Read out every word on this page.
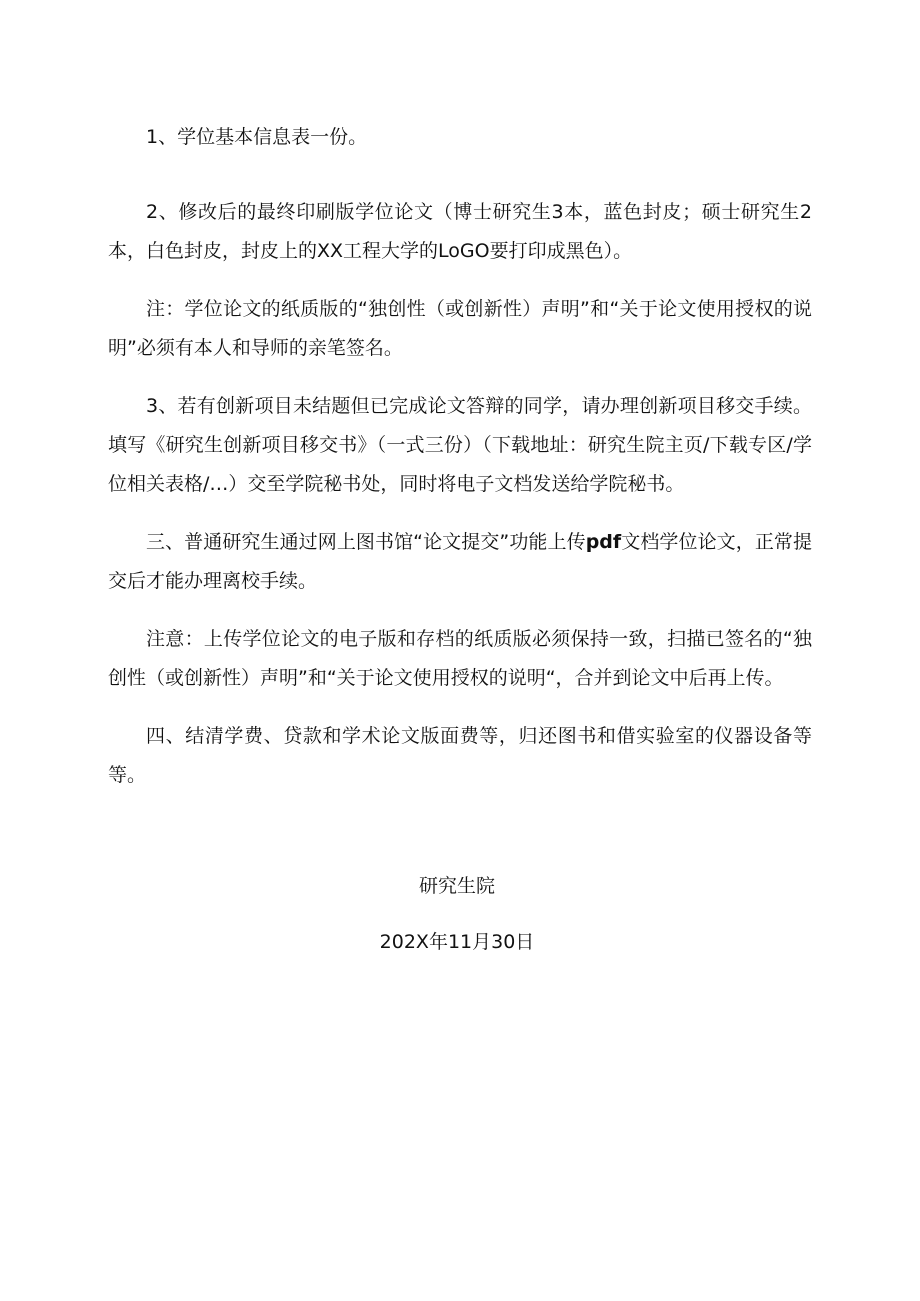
1、学位基本信息表一份。

2、修改后的最终印刷版学位论文（博士研究生3本，蓝色封皮；硕士研究生2本，白色封皮，封皮上的XX工程大学的LoGO要打印成黑色）。

注：学位论文的纸质版的“独创性（或创新性）声明”和“关于论文使用授权的说明”必须有本人和导师的亲笔签名。

3、若有创新项目未结题但已完成论文答辩的同学，请办理创新项目移交手续。填写《研究生创新项目移交书》（一式三份）（下载地址：研究生院主页/下载专区/学位相关表格/…）交至学院秘书处，同时将电子文档发送给学院秘书。

三、普通研究生通过网上图书馆“论文提交”功能上传pdf文档学位论文，正常提交后才能办理离校手续。

注意：上传学位论文的电子版和存档的纸质版必须保持一致，扫描已签名的“独创性（或创新性）声明”和“关于论文使用授权的说明“，合并到论文中后再上传。

四、结清学费、贷款和学术论文版面费等，归还图书和借实验室的仪器设备等等。

研究生院
202X年11月30日
